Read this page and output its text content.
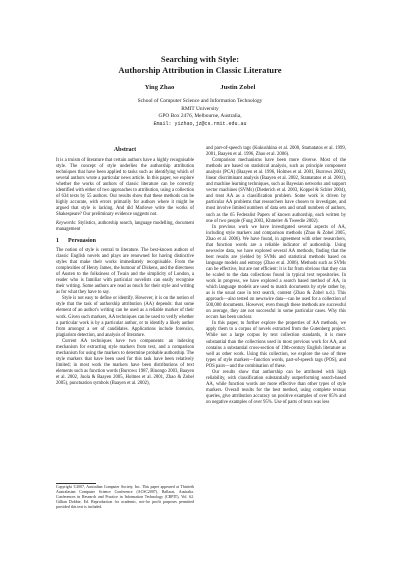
Searching with Style:
Authorship Attribution in Classic Literature
Ying Zhao	Justin Zobel
School of Computer Science and Information Technology
RMIT University
GPO Box 2476, Melbourne, Australia,
Email: yizhao,jz@cs.rmit.edu.au
Abstract

It is a truism of literature that certain authors have a highly recognisable style. The concept of style underlies the authorship attribution techniques that have been applied to tasks such as identifying which of several authors wrote a particular news article. In this paper, we explore whether the works of authors of classic literature can be correctly identified with either of two approaches to attribution, using a collection of 634 texts by 55 authors. Our results show that these methods can be highly accurate, with errors primarily for authors where it might be argued that style is lacking. And did Marlowe write the works of Shakespeare? Our preliminary evidence suggests not.

Keywords: Stylistics, authorship search, language modelling, document management
1 Persuasion

The notion of style is central to literature. The best-known authors of classic English novels and plays are renowned for having distinctive styles that make their works immediately recognisable. From the complexities of Henry James, the humour of Dickens, and the directness of Austen to the folksiness of Twain and the simplicity of London, a reader who is familiar with particular novelists can easily recognise their writing. Some authors are read as much for their style and writing as for what they have to say.

Style is not easy to define or identify. However, it is on the notion of style that the task of authorship attribution (AA) depends: that some element of an author's writing can be used as a reliable marker of their work. Given such markers, AA techniques can be used to verify whether a particular work is by a particular author, or to identify a likely author from amongst a set of candidates. Applications include forensics, plagiarism detection, and analysis of literature.

Current AA techniques have two components: an indexing mechanism for extracting style markers from text, and a comparison mechanism for using the markers to determine probable authorship. The style markers that have been used for this task have been relatively limited; in most work the markers have been distributions of text elements such as function words (Burrows 1987, Binongo 2003, Baayen et al. 2002, Juola & Baayen 2005, Holmes et al. 2001, Zhao & Zobel 2005), punctuation symbols (Baayen et al. 2002),

Copyright ©2007, Australian Computer Society, Inc. This paper appeared at Thirtieth Australasian Computer Science Conference (ACSC2007), Ballarat, Australia. Conferences in Research and Practice in Information Technology (CRPIT), Vol. 62. Gillian Dobbie, Ed. Reproduction for academic, not-for profit purposes permitted provided this text is included.

and part-of-speech tags (Kukushkina et al. 2000, Stamatatos et al. 1999, 2001, Baayen et al. 1996, Zhao et al. 2006).

Comparison mechanisms have been more diverse. Most of the methods are based on statistical analysis, such as principle component analysis (PCA) (Baayen et al. 1996, Holmes et al. 2001, Burrows 2002), linear discriminant analysis (Baayen et al. 2002, Stamatatos et al. 2001), and machine learning techniques, such as Bayesian networks and support vector machines (SVMs) (Diederich et al. 2003, Koppel & Schler 2004), and treat AA as a classification problem. Some work is driven by particular AA problems that researchers have chosen to investigate, and most involve limited numbers of data sets and small numbers of authors, such as the 65 Federalist Papers of known authorship, each written by one of two people (Fung 2003, Khmelev & Tweedie 2002).

In previous work we have investigated several aspects of AA, including style markers and comparison methods (Zhao & Zobel 2005, Zhao et al. 2006). We have found, in agreement with other researchers, that function words are a reliable indicator of authorship. Using newswire data, we have explored several AA methods, finding that the best results are yielded by SVMs and statistical methods based on language models and entropy (Zhao et al. 2006). Methods such as SVMs can be effective, but are not efficient: it is far from obvious that they can be scaled to the data collections found in typical text repositories. In work in progress, we have explored a search based method of AA, in which language models are used to match documents by style rather by, as is the usual case in text search, content (Zhao & Zobel n.d.). This approach—also tested on newswire data—can be used for a collection of 500,000 documents. However, even though these methods are successful on average, they are not successful in some particular cases. Why this occurs has been unclear.

In this paper, to further explore the properties of AA methods, we apply them to a corpus of novels extracted from the Gutenberg project. While not a large corpus by text collection standards, it is more substantial than the collections used in most previous work for AA, and contains a substantial cross-section of 19th-century English literature as well as other work. Using this collection, we explore the use of three types of style markers—function words, part-of-speech tags (POS), and POS pairs—and the combination of these.

Our results show that authorship can be attributed with high reliability, with classification substantially outperforming search-based AA, while function words are more effective than other types of style markers. Overall results for the best method, using complete textsas queries, give attribution accuracy on positive examples of over 85% and on negative examples of over 95%. Use of parts of texts was less
